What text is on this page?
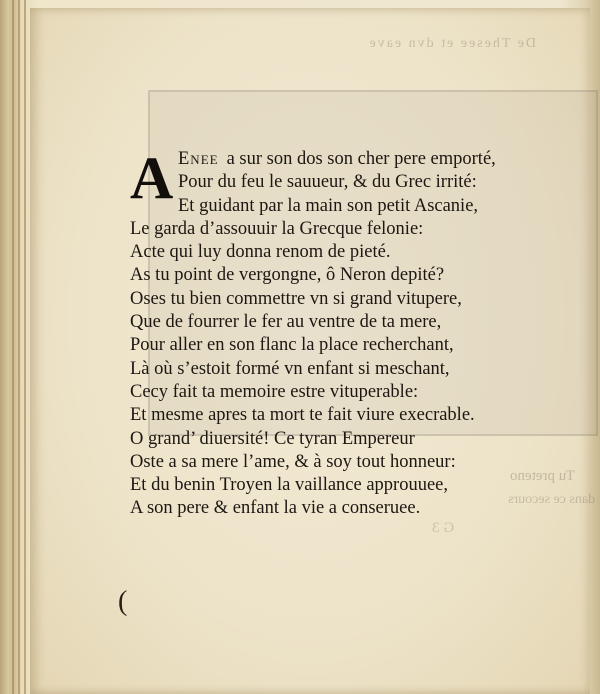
De Thesee et dvn eave
Tu preteno
dans ce secours
G 3
A Enee a sur son dos son cher pere emporté,
Pour du feu le sauueur, & du Grec irrité:
Et guidant par la main son petit Ascanie,
Le garda d’assouuir la Grecque felonie:
Acte qui luy donna renom de pieté.
As tu point de vergongne, ô Neron depité?
Oses tu bien commettre vn si grand vitupere,
Que de fourrer le fer au ventre de ta mere,
Pour aller en son flanc la place recherchant,
Là où s’estoit formé vn enfant si meschant,
Cecy fait ta memoire estre vituperable:
Et mesme apres ta mort te fait viure execrable.
O grand’ diuersité! Ce tyran Empereur
Oste a sa mere l’ame, & à soy tout honneur:
Et du benin Troyen la vaillance approuuee,
A son pere & enfant la vie a conseruee.
(
